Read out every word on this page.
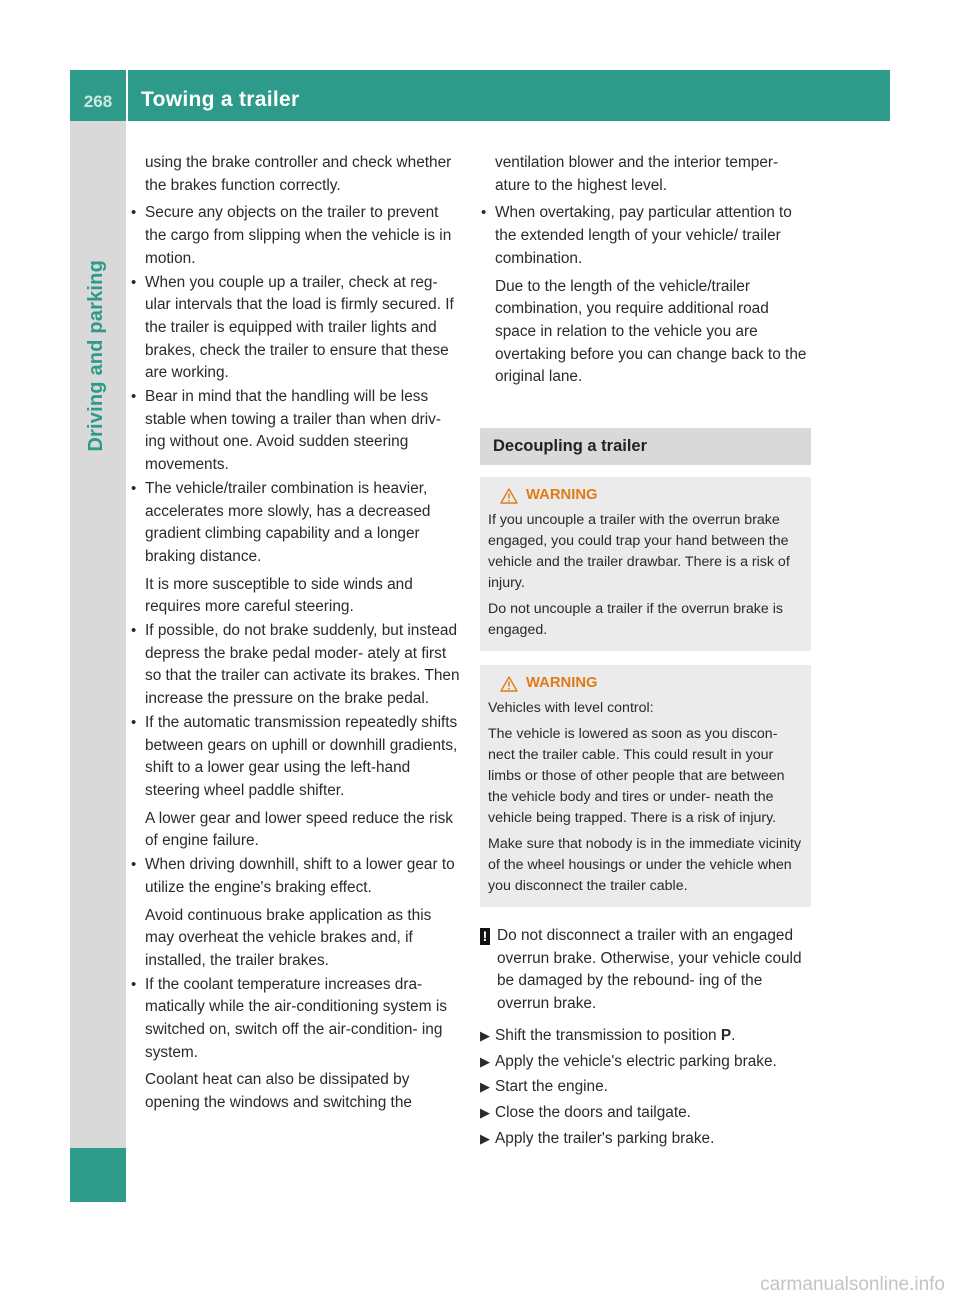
268	Towing a trailer
Driving and parking

using the brake controller and check whether the brakes function correctly.

• Secure any objects on the trailer to prevent the cargo from slipping when the vehicle is in motion.
• When you couple up a trailer, check at reg- ular intervals that the load is firmly secured. If the trailer is equipped with trailer lights and brakes, check the trailer to ensure that these are working.
• Bear in mind that the handling will be less stable when towing a trailer than when driv- ing without one. Avoid sudden steering movements.
• The vehicle/trailer combination is heavier, accelerates more slowly, has a decreased gradient climbing capability and a longer braking distance.
It is more susceptible to side winds and requires more careful steering.
• If possible, do not brake suddenly, but instead depress the brake pedal moder- ately at first so that the trailer can activate its brakes. Then increase the pressure on the brake pedal.
• If the automatic transmission repeatedly shifts between gears on uphill or downhill gradients, shift to a lower gear using the left-hand steering wheel paddle shifter.
A lower gear and lower speed reduce the risk of engine failure.
• When driving downhill, shift to a lower gear to utilize the engine's braking effect.
Avoid continuous brake application as this may overheat the vehicle brakes and, if installed, the trailer brakes.
• If the coolant temperature increases dra- matically while the air-conditioning system is switched on, switch off the air-condition- ing system.
Coolant heat can also be dissipated by opening the windows and switching the

ventilation blower and the interior temper- ature to the highest level.

• When overtaking, pay particular attention to the extended length of your vehicle/ trailer combination.
Due to the length of the vehicle/trailer combination, you require additional road space in relation to the vehicle you are overtaking before you can change back to the original lane.
Decoupling a trailer
WARNING

If you uncouple a trailer with the overrun brake engaged, you could trap your hand between the vehicle and the trailer drawbar. There is a risk of injury.

Do not uncouple a trailer if the overrun brake is engaged.

WARNING

Vehicles with level control:

The vehicle is lowered as soon as you discon- nect the trailer cable. This could result in your limbs or those of other people that are between the vehicle body and tires or under- neath the vehicle being trapped. There is a risk of injury.

Make sure that nobody is in the immediate vicinity of the wheel housings or under the vehicle when you disconnect the trailer cable.

! Do not disconnect a trailer with an engaged overrun brake. Otherwise, your vehicle could be damaged by the rebound- ing of the overrun brake.
▶ Shift the transmission to position P.
▶ Apply the vehicle's electric parking brake.
▶ Start the engine.
▶ Close the doors and tailgate.
▶ Apply the trailer's parking brake.
carmanualsonline.info
